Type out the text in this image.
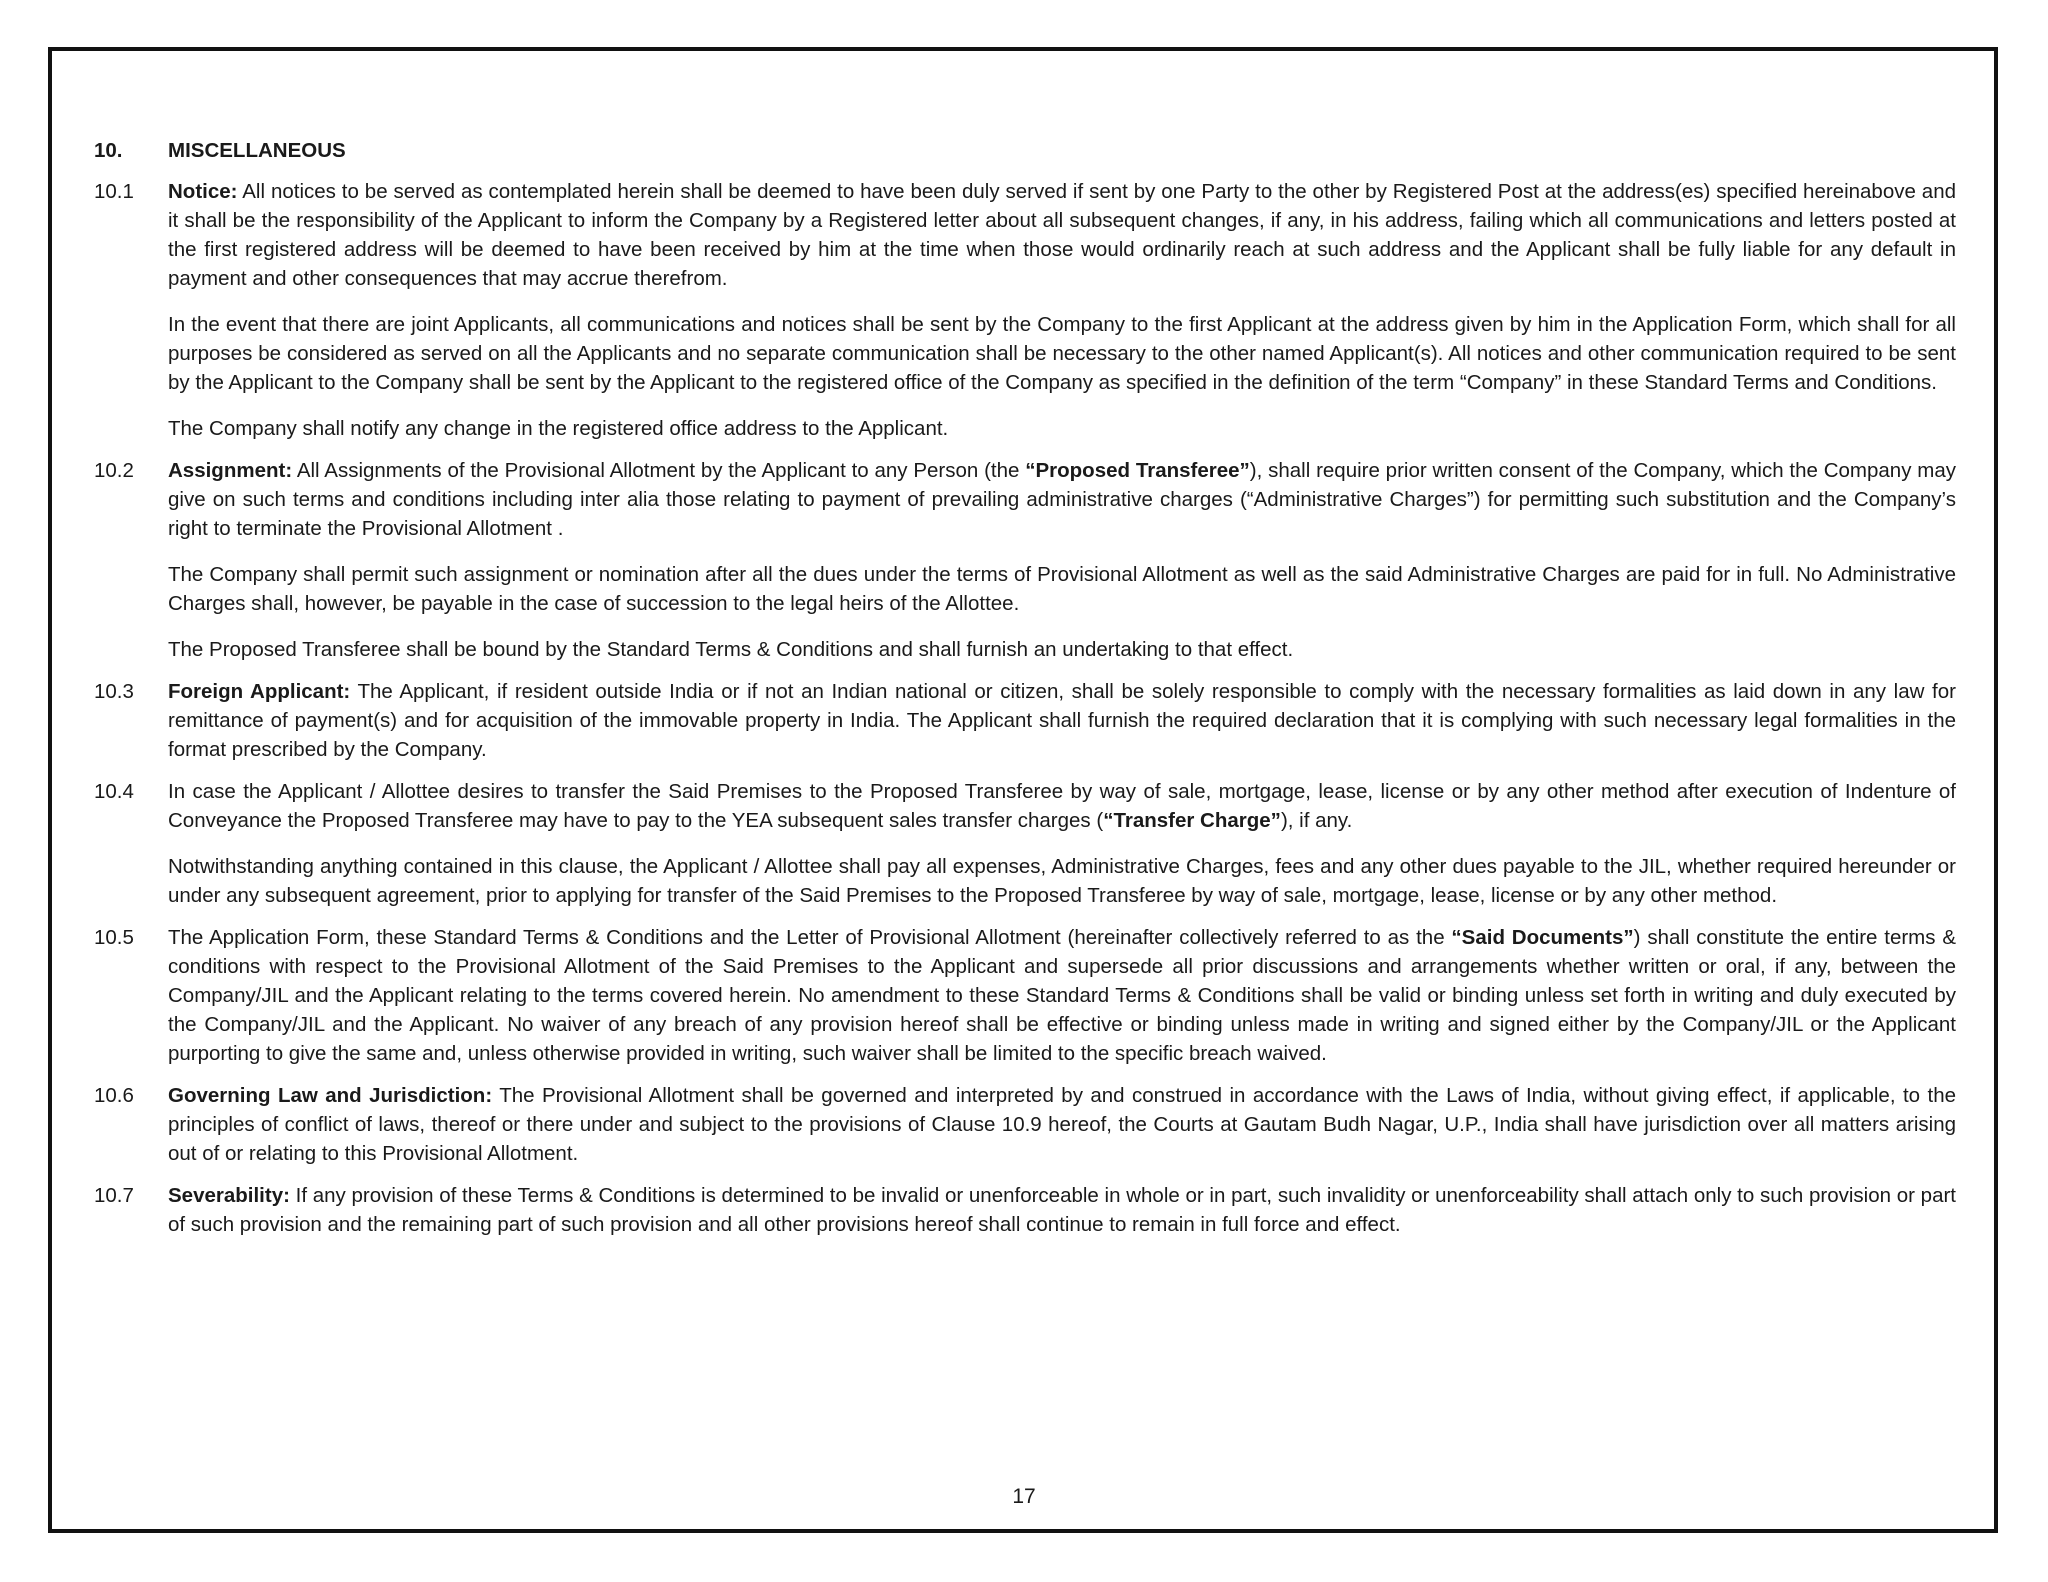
10.	MISCELLANEOUS
10.1	Notice: All notices to be served as contemplated herein shall be deemed to have been duly served if sent by one Party to the other by Registered Post at the address(es) specified hereinabove and it shall be the responsibility of the Applicant to inform the Company by a Registered letter about all subsequent changes, if any, in his address, failing which all communications and letters posted at the first registered address will be deemed to have been received by him at the time when those would ordinarily reach at such address and the Applicant shall be fully liable for any default in payment and other consequences that may accrue therefrom.

In the event that there are joint Applicants, all communications and notices shall be sent by the Company to the first Applicant at the address given by him in the Application Form, which shall for all purposes be considered as served on all the Applicants and no separate communication shall be necessary to the other named Applicant(s). All notices and other communication required to be sent by the Applicant to the Company shall be sent by the Applicant to the registered office of the Company as specified in the definition of the term “Company” in these Standard Terms and Conditions.

The Company shall notify any change in the registered office address to the Applicant.

10.2	Assignment: All Assignments of the Provisional Allotment by the Applicant to any Person (the “Proposed Transferee”), shall require prior written consent of the Company, which the Company may give on such terms and conditions including inter alia those relating to payment of prevailing administrative charges (“Administrative Charges”) for permitting such substitution and the Company’s right to terminate the Provisional Allotment .

The Company shall permit such assignment or nomination after all the dues under the terms of Provisional Allotment as well as the said Administrative Charges are paid for in full. No Administrative Charges shall, however, be payable in the case of succession to the legal heirs of the Allottee.

The Proposed Transferee shall be bound by the Standard Terms & Conditions and shall furnish an undertaking to that effect.

10.3	Foreign Applicant: The Applicant, if resident outside India or if not an Indian national or citizen, shall be solely responsible to comply with the necessary formalities as laid down in any law for remittance of payment(s) and for acquisition of the immovable property in India. The Applicant shall furnish the required declaration that it is complying with such necessary legal formalities in the format prescribed by the Company.

10.4	In case the Applicant / Allottee desires to transfer the Said Premises to the Proposed Transferee by way of sale, mortgage, lease, license or by any other method after execution of Indenture of Conveyance the Proposed Transferee may have to pay to the YEA subsequent sales transfer charges (“Transfer Charge”), if any.

Notwithstanding anything contained in this clause, the Applicant / Allottee shall pay all expenses, Administrative Charges, fees and any other dues payable to the JIL, whether required hereunder or under any subsequent agreement, prior to applying for transfer of the Said Premises to the Proposed Transferee by way of sale, mortgage, lease, license or by any other method.

10.5	The Application Form, these Standard Terms & Conditions and the Letter of Provisional Allotment (hereinafter collectively referred to as the “Said Documents”) shall constitute the entire terms & conditions with respect to the Provisional Allotment of the Said Premises to the Applicant and supersede all prior discussions and arrangements whether written or oral, if any, between the Company/JIL and the Applicant relating to the terms covered herein. No amendment to these Standard Terms & Conditions shall be valid or binding unless set forth in writing and duly executed by the Company/JIL and the Applicant. No waiver of any breach of any provision hereof shall be effective or binding unless made in writing and signed either by the Company/JIL or the Applicant purporting to give the same and, unless otherwise provided in writing, such waiver shall be limited to the specific breach waived.

10.6	Governing Law and Jurisdiction: The Provisional Allotment shall be governed and interpreted by and construed in accordance with the Laws of India, without giving effect, if applicable, to the principles of conflict of laws, thereof or there under and subject to the provisions of Clause 10.9 hereof, the Courts at Gautam Budh Nagar, U.P., India shall have jurisdiction over all matters arising out of or relating to this Provisional Allotment.

10.7	Severability: If any provision of these Terms & Conditions is determined to be invalid or unenforceable in whole or in part, such invalidity or unenforceability shall attach only to such provision or part of such provision and the remaining part of such provision and all other provisions hereof shall continue to remain in full force and effect.

17
